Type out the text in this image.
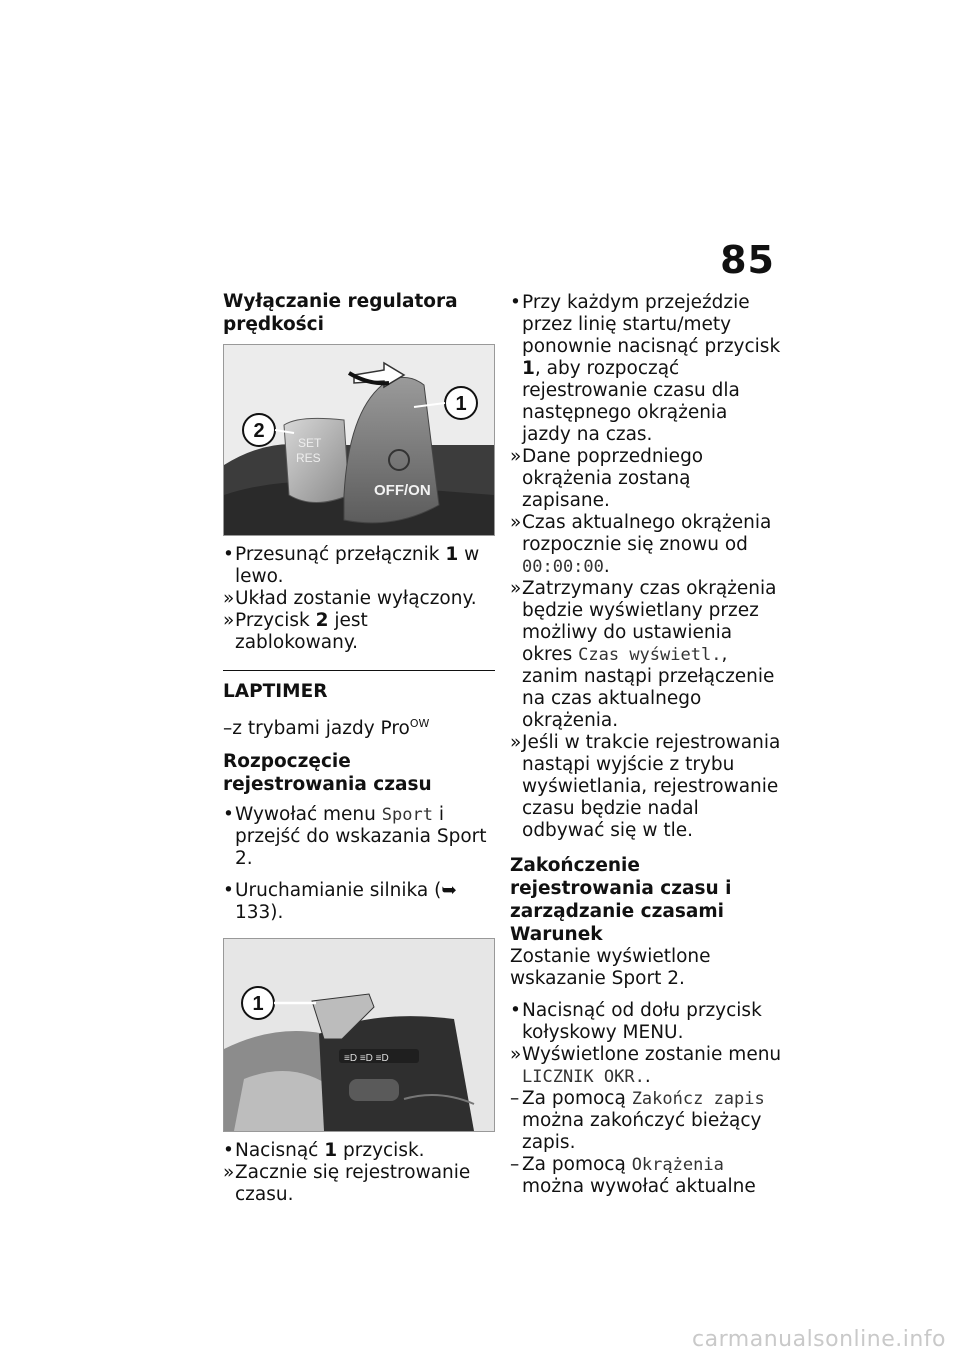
85
Wyłączanie regulatora prędkości
2
1
SET
RES
OFF/ON

• Przesunąć przełącznik 1 w lewo.

» Układ zostanie wyłączony.

» Przycisk 2 jest zablokowany.

LAPTIMER
–z trybami jazdy Pro$^{OW}$
Rozpoczęcie rejestrowania czasu

• Wywołać menu Sport i przejść do wskazania Sport 2.

• Uruchamianie silnika (➥ 133).

≡D ≡D ≡D
1

• Nacisnąć 1 przycisk.

» Zacznie się rejestrowanie czasu.

• Przy każdym przejeździe przez linię startu/mety ponownie nacisnąć przycisk 1, aby rozpocząć rejestrowanie czasu dla następnego okrążenia jazdy na czas.

» Dane poprzedniego okrążenia zostaną zapisane.

» Czas aktualnego okrążenia rozpocznie się znowu od 00:00:00.

» Zatrzymany czas okrążenia będzie wyświetlany przez możliwy do ustawienia okres Czas wyświetl., zanim nastąpi przełączenie na czas aktualnego okrążenia.

» Jeśli w trakcie rejestrowania nastąpi wyjście z trybu wyświetlania, rejestrowanie czasu będzie nadal odbywać się w tle.

Zakończenie rejestrowania czasu i zarządzanie czasami
Warunek
Zostanie wyświetlone wskazanie Sport 2.

• Nacisnąć od dołu przycisk kołyskowy MENU.

» Wyświetlone zostanie menu LICZNIK OKR..

– Za pomocą Zakończ zapis można zakończyć bieżący zapis.

– Za pomocą Okrążenia można wywołać aktualne

carmanualsonline.info
